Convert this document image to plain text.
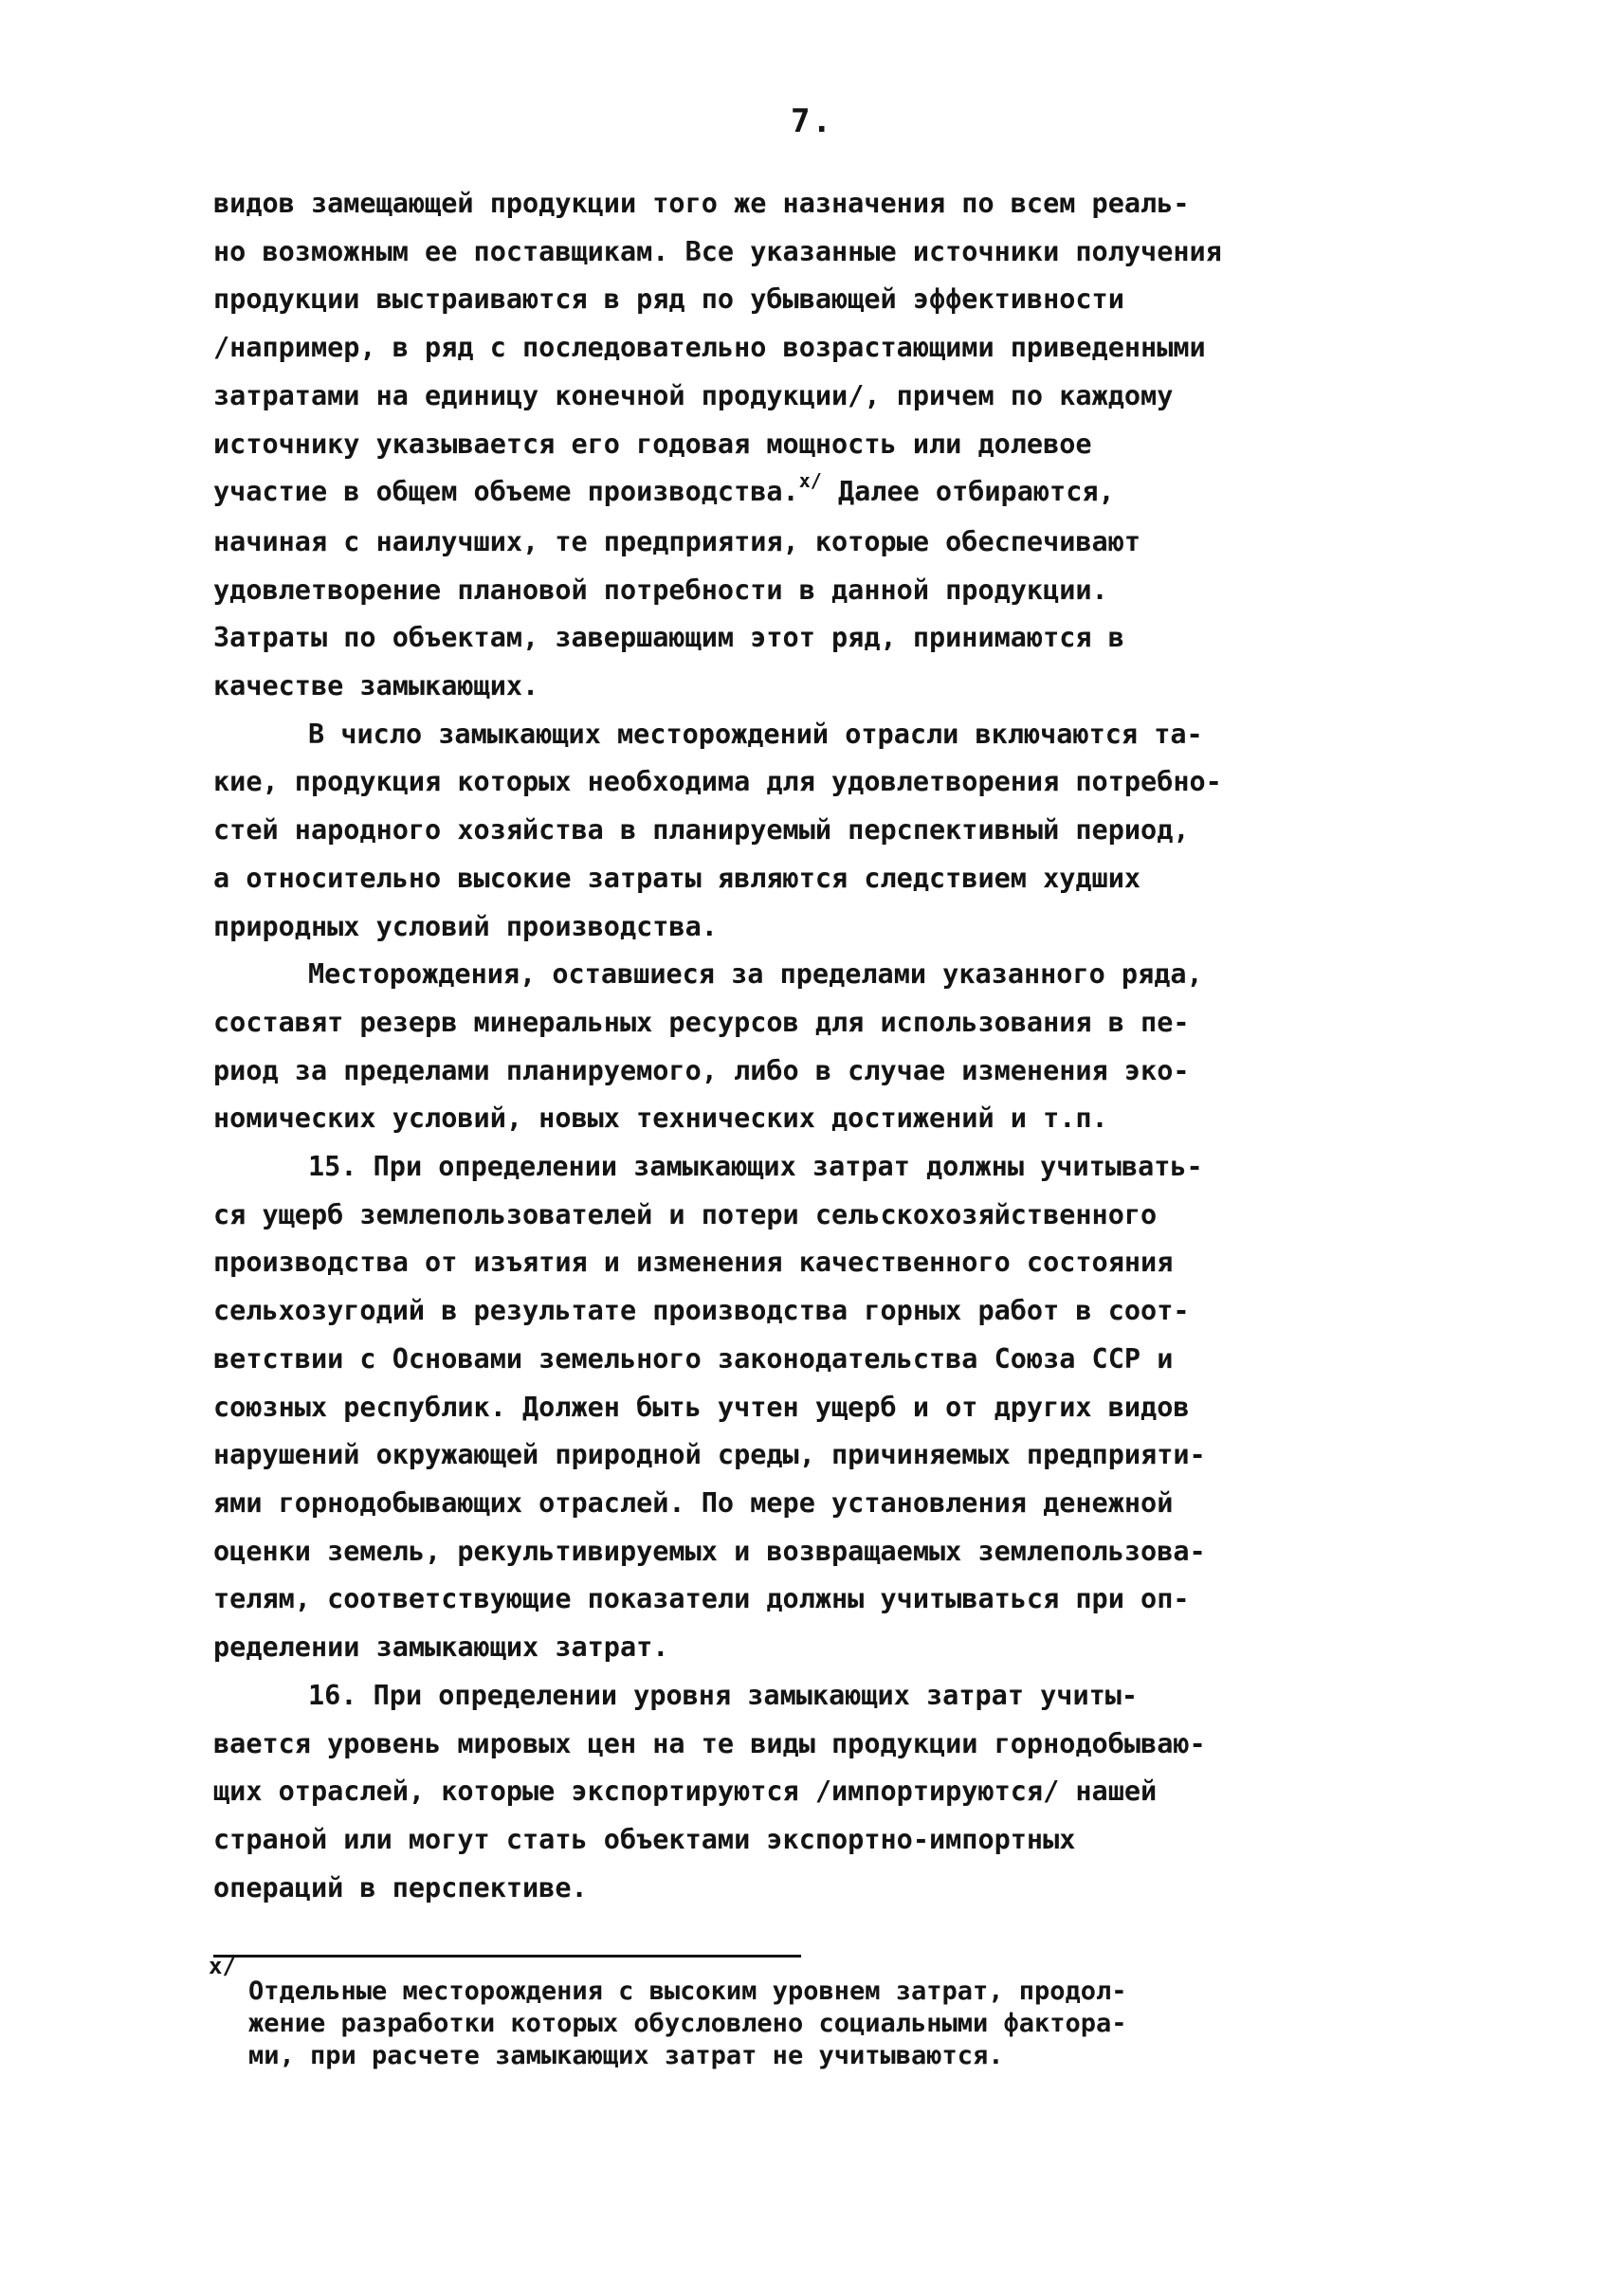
7.
видов замещающей продукции того же назначения по всем реаль-
но возможным ее поставщикам. Все указанные источники получения
продукции выстраиваются в ряд по убывающей эффективности
/например, в ряд с последовательно возрастающими приведенными
затратами на единицу конечной продукции/, причем по каждому
источнику указывается его годовая мощность или долевое
участие в общем объеме производства.$^{x/}$ Далее отбираются,
начиная с наилучших, те предприятия, которые обеспечивают
удовлетворение плановой потребности в данной продукции.
Затраты по объектам, завершающим этот ряд, принимаются в
качестве замыкающих.
В число замыкающих месторождений отрасли включаются та-
кие, продукция которых необходима для удовлетворения потребно-
стей народного хозяйства в планируемый перспективный период,
а относительно высокие затраты являются следствием худших
природных условий производства.
Месторождения, оставшиеся за пределами указанного ряда,
составят резерв минеральных ресурсов для использования в пе-
риод за пределами планируемого, либо в случае изменения эко-
номических условий, новых технических достижений и т.п.
15. При определении замыкающих затрат должны учитывать-
ся ущерб землепользователей и потери сельскохозяйственного
производства от изъятия и изменения качественного состояния
сельхозугодий в результате производства горных работ в соот-
ветствии с Основами земельного законодательства Союза ССР и
союзных республик. Должен быть учтен ущерб и от других видов
нарушений окружающей природной среды, причиняемых предприяти-
ями горнодобывающих отраслей. По мере установления денежной
оценки земель, рекультивируемых и возвращаемых землепользова-
телям, соответствующие показатели должны учитываться при оп-
ределении замыкающих затрат.
16. При определении уровня замыкающих затрат учиты-
вается уровень мировых цен на те виды продукции горнодобываю-
щих отраслей, которые экспортируются /импортируются/ нашей
страной или могут стать объектами экспортно-импортных
операций в перспективе.
x/
Отдельные месторождения с высоким уровнем затрат, продол-
жение разработки которых обусловлено социальными фактора-
ми, при расчете замыкающих затрат не учитываются.
